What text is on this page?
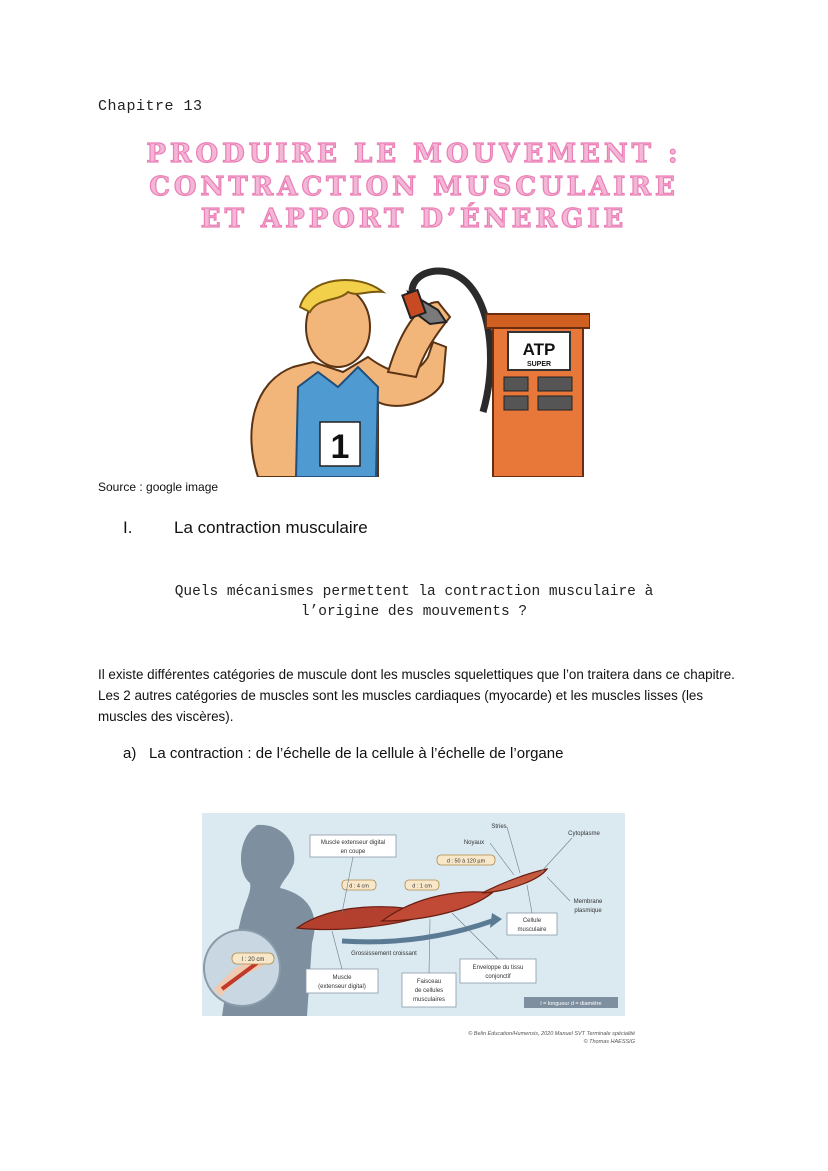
Chapitre 13
PRODUIRE LE MOUVEMENT :
CONTRACTION MUSCULAIRE
ET APPORT D’ÉNERGIE
ATP
SUPER
1
Source : google image
I. La contraction musculaire
Quels mécanismes permettent la contraction musculaire à
l’origine des mouvements ?
Il existe différentes catégories de muscule dont les muscles squelettiques que l’on traitera dans ce chapitre. Les 2 autres catégories de muscles sont les muscles cardiaques (myocarde) et les muscles lisses (les muscles des viscères).
a) La contraction : de l’échelle de la cellule à l’échelle de l’organe
l : 20 cm
d : 4 cm	d : 1 cm
d : 50 à 120 µm
Muscle extenseur digital
en coupe
Stries
Noyaux
Cytoplasme
Membrane
plasmique
Cellule
musculaire
Grossissement croissant
Muscle
(extenseur digital)
Faisceau
de cellules
musculaires
Enveloppe du tissu
conjonctif
l = longueur d = diamètre
© Belin Éducation/Humensis, 2020 Manuel SVT Terminale spécialité
© Thomas HAESSIG
